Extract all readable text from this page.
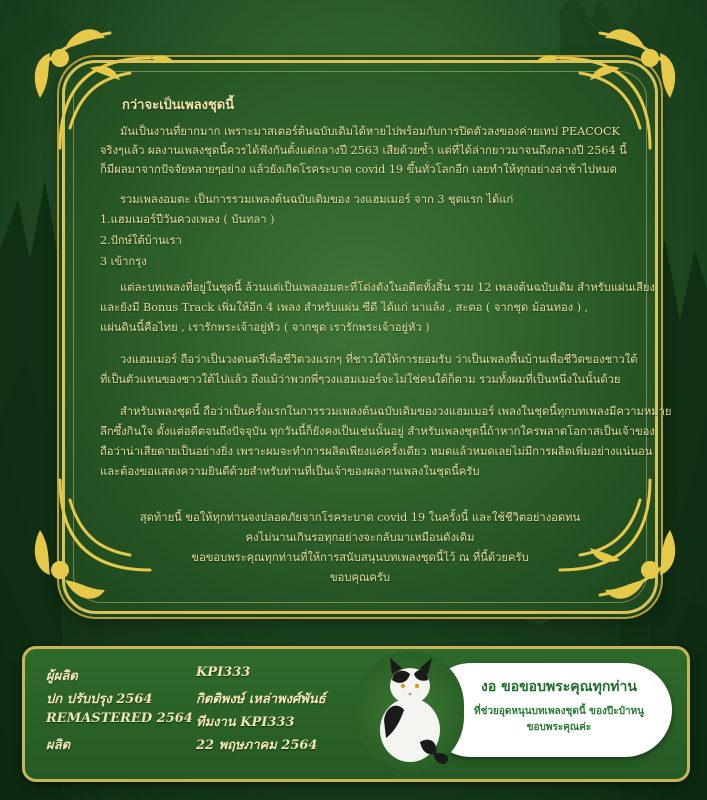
กว่าจะเป็นเพลงชุดนี้
มันเป็นงานที่ยากมาก เพราะมาสเตอร์ต้นฉบับเดิมได้หายไปพร้อมกับการปิดตัวลงของค่ายเทป PEACOCK
จริงๆแล้ว ผลงานเพลงชุดนี้ควรได้ฟังกันตั้งแต่กลางปี 2563 เสียด้วยซ้ำ แต่ที่ได้ล่ากยาวมาจนถึงกลางปี 2564 นี้
ก็มีผลมาจากปัจจัยหลายๆอย่าง แล้วยังเกิดโรคระบาด covid 19 ขึ้นทั่วโลกอีก เลยทำให้ทุกอย่างล่าช้าไปหมด
รวมเพลงอมตะ เป็นการรวมเพลงต้นฉบับเดิมของ วงแฮมเมอร์ จาก 3 ชุดแรก ได้แก่
1.แฮมเมอร์ปีวันควงเพลง ( บันทลา )
2.ปักษ์ใต้บ้านเรา
3 เข้ากรุง
แต่ละบทเพลงที่อยู่ในชุดนี้ ล้วนแต่เป็นเพลงอมตะที่โด่งดังในอดีตทั้งสิ้น รวม 12 เพลงต้นฉบับเดิม สำหรับแผ่นเสียง
และยังมี Bonus Track เพิ่มให้อีก 4 เพลง สำหรับแผ่น ซีดี ได้แก่ นาแล้ง , สะตอ ( จากชุด ม้อนทอง ) ,
แผ่นดินนี้คือไทย , เรารักพระเจ้าอยู่หัว ( จากชุด เรารักพระเจ้าอยู่หัว )
วงแฮมเมอร์ ถือว่าเป็นวงดนตรีเพื่อชีวิตวงแรกๆ ที่ชาวใต้ให้การยอมรับ ว่าเป็นเพลงพื้นบ้านเพื่อชีวิตของชาวใต้
ที่เป็นตัวแทนของชาวใต้ไปแล้ว ถึงแม้ว่าพวกพี่ๆวงแฮมเมอร์จะไม่ใช่คนใต้ก็ตาม รวมทั้งผมที่เป็นหนึ่งในนั้นด้วย
สำหรับเพลงชุดนี้ ถือว่าเป็นครั้งแรกในการรวมเพลงต้นฉบับเดิมของวงแฮมเมอร์ เพลงในชุดนี้ทุกบทเพลงมีความหมาย
ลึกซึ้งกินใจ ดั้งแต่อดีตจนถึงปัจจุบัน ทุกวันนี้ก็ยังคงเป็นเช่นนั้นอยู่ สำหรับเพลงชุดนี้ถ้าหากใครพลาดโอกาสเป็นเจ้าของ
ถือว่าน่าเสียดายเป็นอย่างยิ่ง เพราะผมจะทำการผลิตเพียงแค่ครั้งเดียว หมดแล้วหมดเลยไม่มีการผลิตเพิ่มอย่างแน่นอน
และต้องขอแสดงความยินดีด้วยสำหรับท่านที่เป็นเจ้าของผลงานเพลงในชุดนี้ครับ
สุดท้ายนี้ ขอให้ทุกท่านจงปลอดภัยจากโรคระบาด covid 19 ในครั้งนี้ และใช้ชีวิตอย่างอดทน
คงไม่นานเกินรอทุกอย่างจะกลับมาเหมือนดังเดิม
ขอขอบพระคุณทุกท่านที่ให้การสนับสนุนบทเพลงชุดนี้ไว้ ณ ที่นี้ด้วยครับ
ขอบคุณครับ
ผู้ผลิต	KPI333
ปก ปรับปรุง 2564	กิตติพงษ์ เหล่าพงศ์พันธ์
REMASTERED 2564 ทีมงาน KPI333
ผลิต	22 พฤษภาคม 2564
งอ ขอขอบพระคุณทุกท่าน
ที่ช่วยอุดหนุนบทเพลงชุดนี้ ของปีะป๋าหนู
ขอบพระคุณค่ะ
